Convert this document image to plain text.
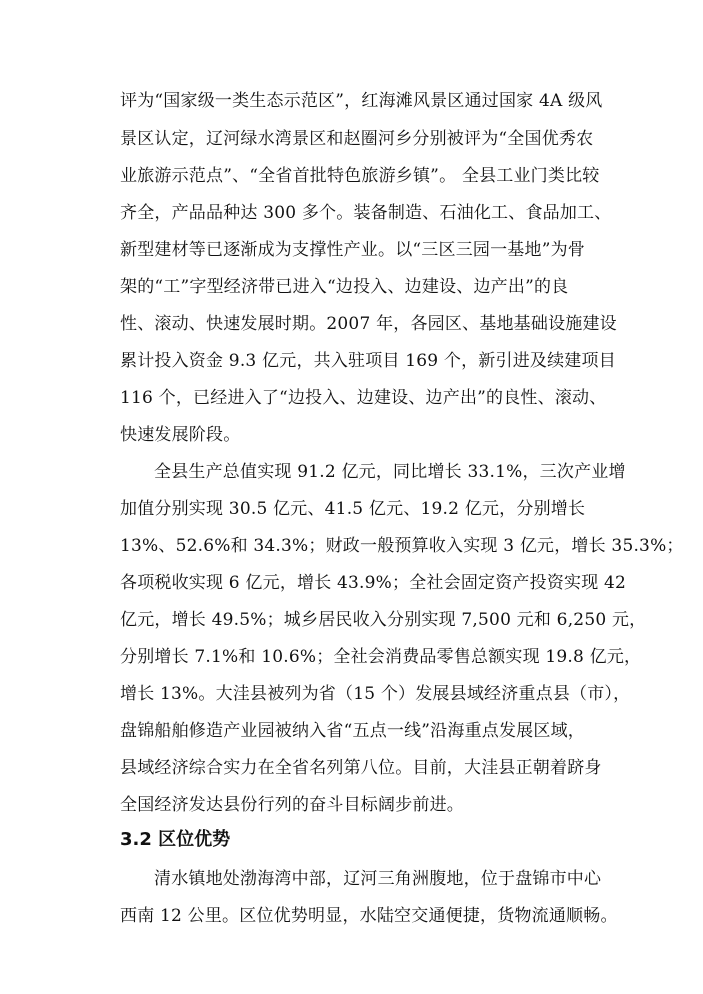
评为“国家级一类生态示范区”，红海滩风景区通过国家 4A 级风
景区认定，辽河绿水湾景区和赵圈河乡分别被评为“全国优秀农
业旅游示范点”、“全省首批特色旅游乡镇”。 全县工业门类比较
齐全，产品品种达 300 多个。装备制造、石油化工、食品加工、
新型建材等已逐渐成为支撑性产业。以“三区三园一基地”为骨
架的“工”字型经济带已进入“边投入、边建设、边产出”的良
性、滚动、快速发展时期。2007 年，各园区、基地基础设施建设
累计投入资金 9.3 亿元，共入驻项目 169 个，新引进及续建项目
116 个，已经进入了“边投入、边建设、边产出”的良性、滚动、
快速发展阶段。
全县生产总值实现 91.2 亿元，同比增长 33.1%，三次产业增
加值分别实现 30.5 亿元、41.5 亿元、19.2 亿元，分别增长
13%、52.6%和 34.3%；财政一般预算收入实现 3 亿元，增长 35.3%；
各项税收实现 6 亿元，增长 43.9%；全社会固定资产投资实现 42
亿元，增长 49.5%；城乡居民收入分别实现 7,500 元和 6,250 元，
分别增长 7.1%和 10.6%；全社会消费品零售总额实现 19.8 亿元，
增长 13%。大洼县被列为省（15 个）发展县域经济重点县（市），
盘锦船舶修造产业园被纳入省“五点一线”沿海重点发展区域，
县域经济综合实力在全省名列第八位。目前，大洼县正朝着跻身
全国经济发达县份行列的奋斗目标阔步前进。
3.2 区位优势
清水镇地处渤海湾中部，辽河三角洲腹地，位于盘锦市中心
西南 12 公里。区位优势明显，水陆空交通便捷，货物流通顺畅。
